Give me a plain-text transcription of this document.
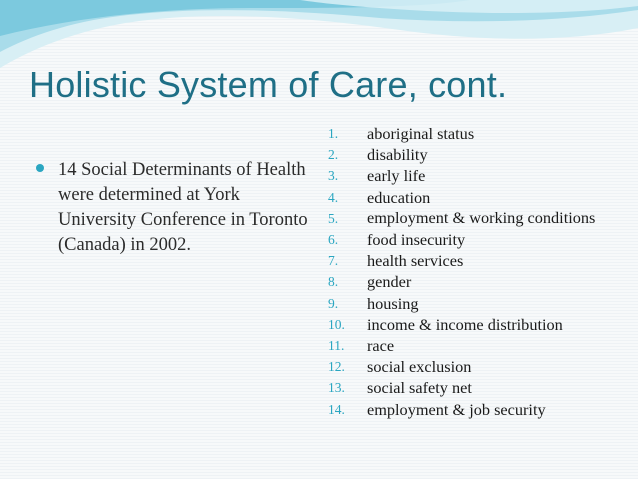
Holistic System of Care, cont.

14 Social Determinants of Health were determined at York University Conference in Toronto (Canada) in 2002.

1.	aboriginal status
2.	disability
3.	early life
4.	education
5.	employment & working conditions
6.	food insecurity
7.	health services
8.	gender
9.	housing
10.	income & income distribution
11.	race
12.	social exclusion
13.	social safety net
14.	employment & job security
